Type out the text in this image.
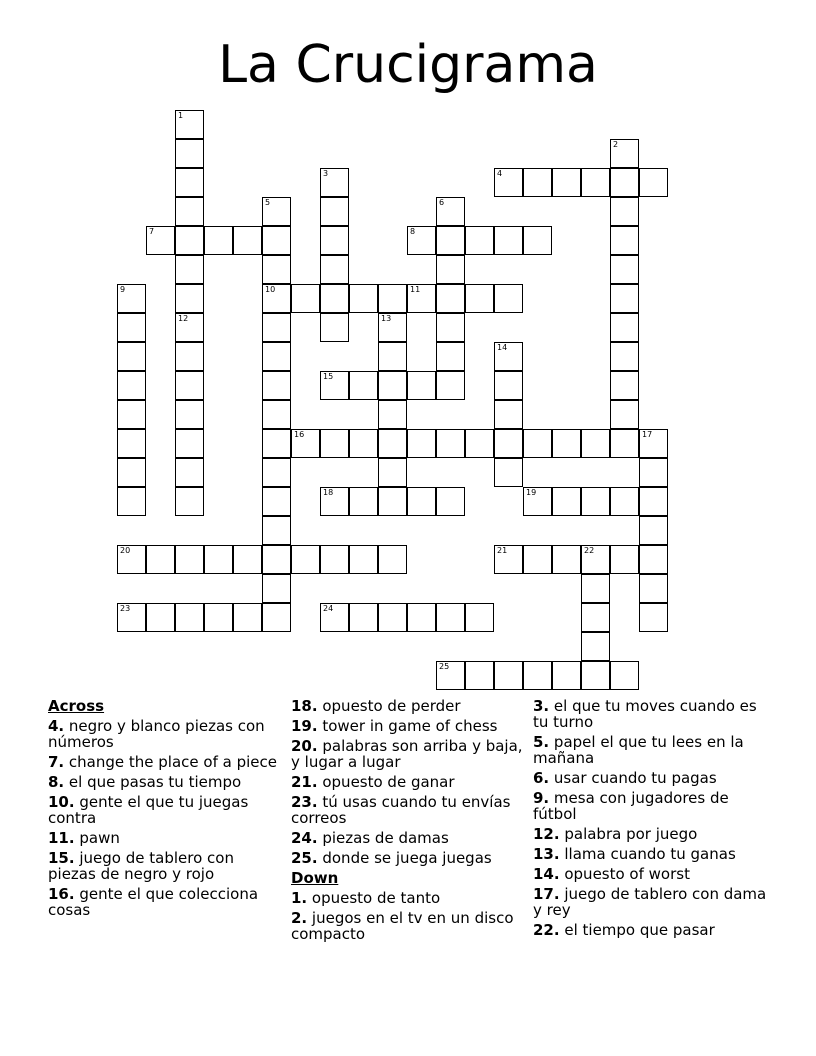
La Crucigrama
1
12
2
3	4
5
10
6
7	8
9	11
13
14
15
16	17
18	19
20	21	22
23	24
25

Across

4. negro y blanco piezas con números

7. change the place of a piece

8. el que pasas tu tiempo

10. gente el que tu juegas contra

11. pawn

15. juego de tablero con piezas de negro y rojo

16. gente el que colecciona cosas

18. opuesto de perder

19. tower in game of chess

20. palabras son arriba y baja, y lugar a lugar

21. opuesto de ganar

23. tú usas cuando tu envías correos

24. piezas de damas

25. donde se juega juegas

Down

1. opuesto de tanto

2. juegos en el tv en un disco compacto

3. el que tu moves cuando es tu turno

5. papel el que tu lees en la mañana

6. usar cuando tu pagas

9. mesa con jugadores de fútbol

12. palabra por juego

13. llama cuando tu ganas

14. opuesto of worst

17. juego de tablero con dama y rey

22. el tiempo que pasar
